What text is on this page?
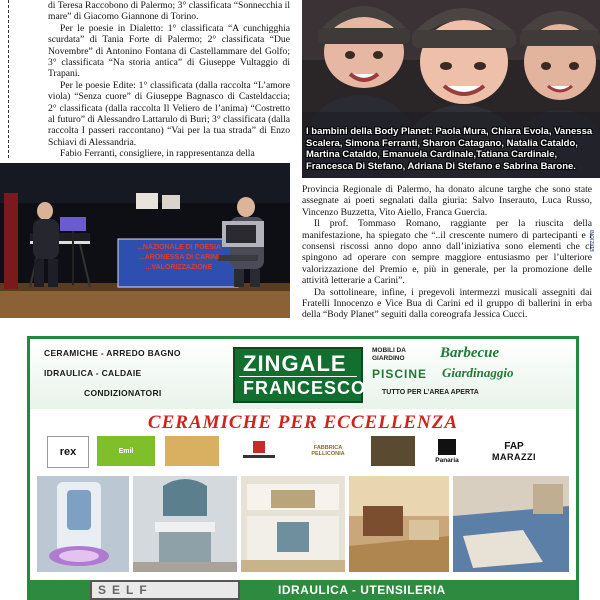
di Teresa Raccobono di Palermo; 3° classificata “Sonnecchia il mare” di Giacomo Giannone di Torino.

Per le poesie in Dialetto: 1° classificata “A cunchigghia scurdata” di Tania Forte di Palermo; 2° classificata “Due Novembre” di Antonino Fontana di Castellammare del Golfo; 3° classificata “Na storia antica” di Giuseppe Vultaggio di Trapani.

Per le poesie Edite: 1° classificata (dalla raccolta “L’amore viola) “Senza cuore” di Giuseppe Bagnasco di Casteldaccia; 2° classificata (dalla raccolta Il Veliero de l’anima) “Costretto al futuro” di Alessandro Lattarulo di Buri; 3° classificata (dalla raccolta I passeri raccontano) “Vai per la tua strada” di Enzo Schiavi di Alessandria.

Fabio Ferranti, consigliere, in rappresentanza della

I bambini della Body Planet: Paola Mura, Chiara Evola, Vanessa Scalera, Simona Ferranti, Sharon Catagano, Natalia Cataldo, Martina Cataldo, Emanuela Cardinale,Tatiana Cardinale, Francesca Di Stefano, Adriana Di Stefano e Sabrina Barone.
...NAZIONALE DI POESIA
...ARONESSA DI CARINI
...VALORIZZAZIONE

Provincia Regionale di Palermo, ha donato alcune targhe che sono state assegnate ai poeti segnalati dalla giuria: Salvo Inserauto, Luca Russo, Vincenzo Buzzetta, Vito Aiello, Franca Guercia.

Il prof. Tommaso Romano, raggiante per la riuscita della manifestazione, ha spiegato che “..il crescente numero di partecipanti e i consensi riscossi anno dopo anno dall’iniziativa sono elementi che ci spingono ad operare con sempre maggiore entusiasmo per l’ulteriore valorizzazione del Premio e, più in generale, per la promozione delle attività letterarie a Carini”.

Da sottolineare, infine, i pregevoli intermezzi musicali assegniti dai Fratelli Innocenzo e Vice Bua di Carini ed il gruppo di ballerini in erba della “Body Planet” seguiti dalla coreografa Jessica Cucci.

CERAMICHE - ARREDO BAGNO
IDRAULICA - CALDAIE
CONDIZIONATORI
ZINGALE
FRANCESCO
MOBILI DA GIARDINO	Barbecue
PISCINE Giardinaggio
TUTTO PER L’AREA APERTA
CERAMICHE PER ECCELLENZA
rex	Emil	FABBRICA PELLICONIA
Panaria
FAP
MARAZZI
SELF	IDRAULICA - UTENSILERIA
EDIZIONI
